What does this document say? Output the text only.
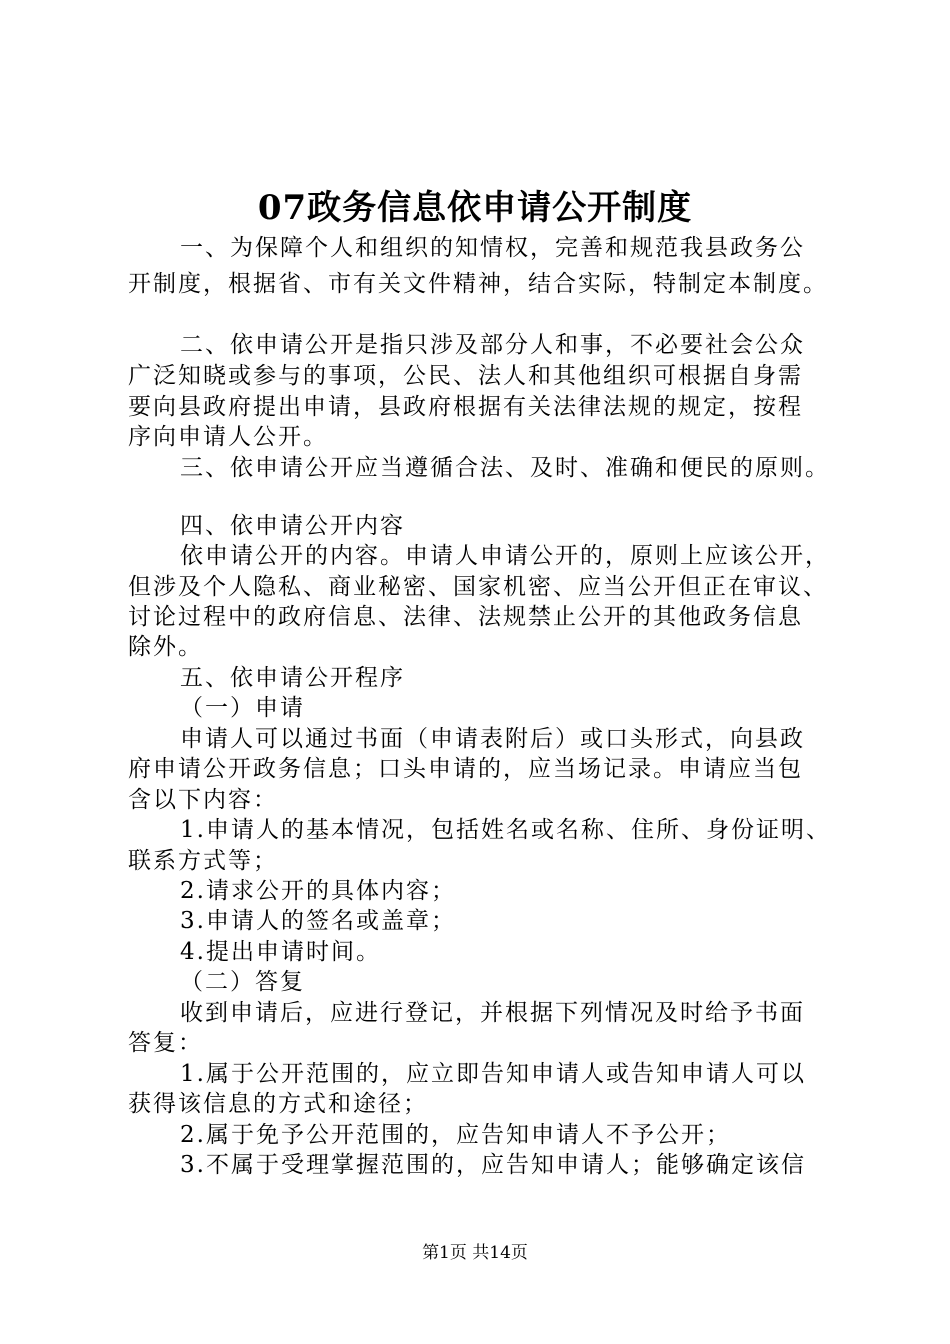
07政务信息依申请公开制度
一、为保障个人和组织的知情权，完善和规范我县政务公
开制度，根据省、市有关文件精神，结合实际，特制定本制度。
二、依申请公开是指只涉及部分人和事，不必要社会公众
广泛知晓或参与的事项，公民、法人和其他组织可根据自身需
要向县政府提出申请，县政府根据有关法律法规的规定，按程
序向申请人公开。
三、依申请公开应当遵循合法、及时、准确和便民的原则。
四、依申请公开内容
依申请公开的内容。申请人申请公开的，原则上应该公开，
但涉及个人隐私、商业秘密、国家机密、应当公开但正在审议、
讨论过程中的政府信息、法律、法规禁止公开的其他政务信息
除外。
五、依申请公开程序
（一）申请
申请人可以通过书面（申请表附后）或口头形式，向县政
府申请公开政务信息；口头申请的，应当场记录。申请应当包
含以下内容：
1.申请人的基本情况，包括姓名或名称、住所、身份证明、
联系方式等；
2.请求公开的具体内容；
3.申请人的签名或盖章；
4.提出申请时间。
（二）答复
收到申请后，应进行登记，并根据下列情况及时给予书面
答复：
1.属于公开范围的，应立即告知申请人或告知申请人可以
获得该信息的方式和途径；
2.属于免予公开范围的，应告知申请人不予公开；
3.不属于受理掌握范围的，应告知申请人；能够确定该信
第1页 共14页
